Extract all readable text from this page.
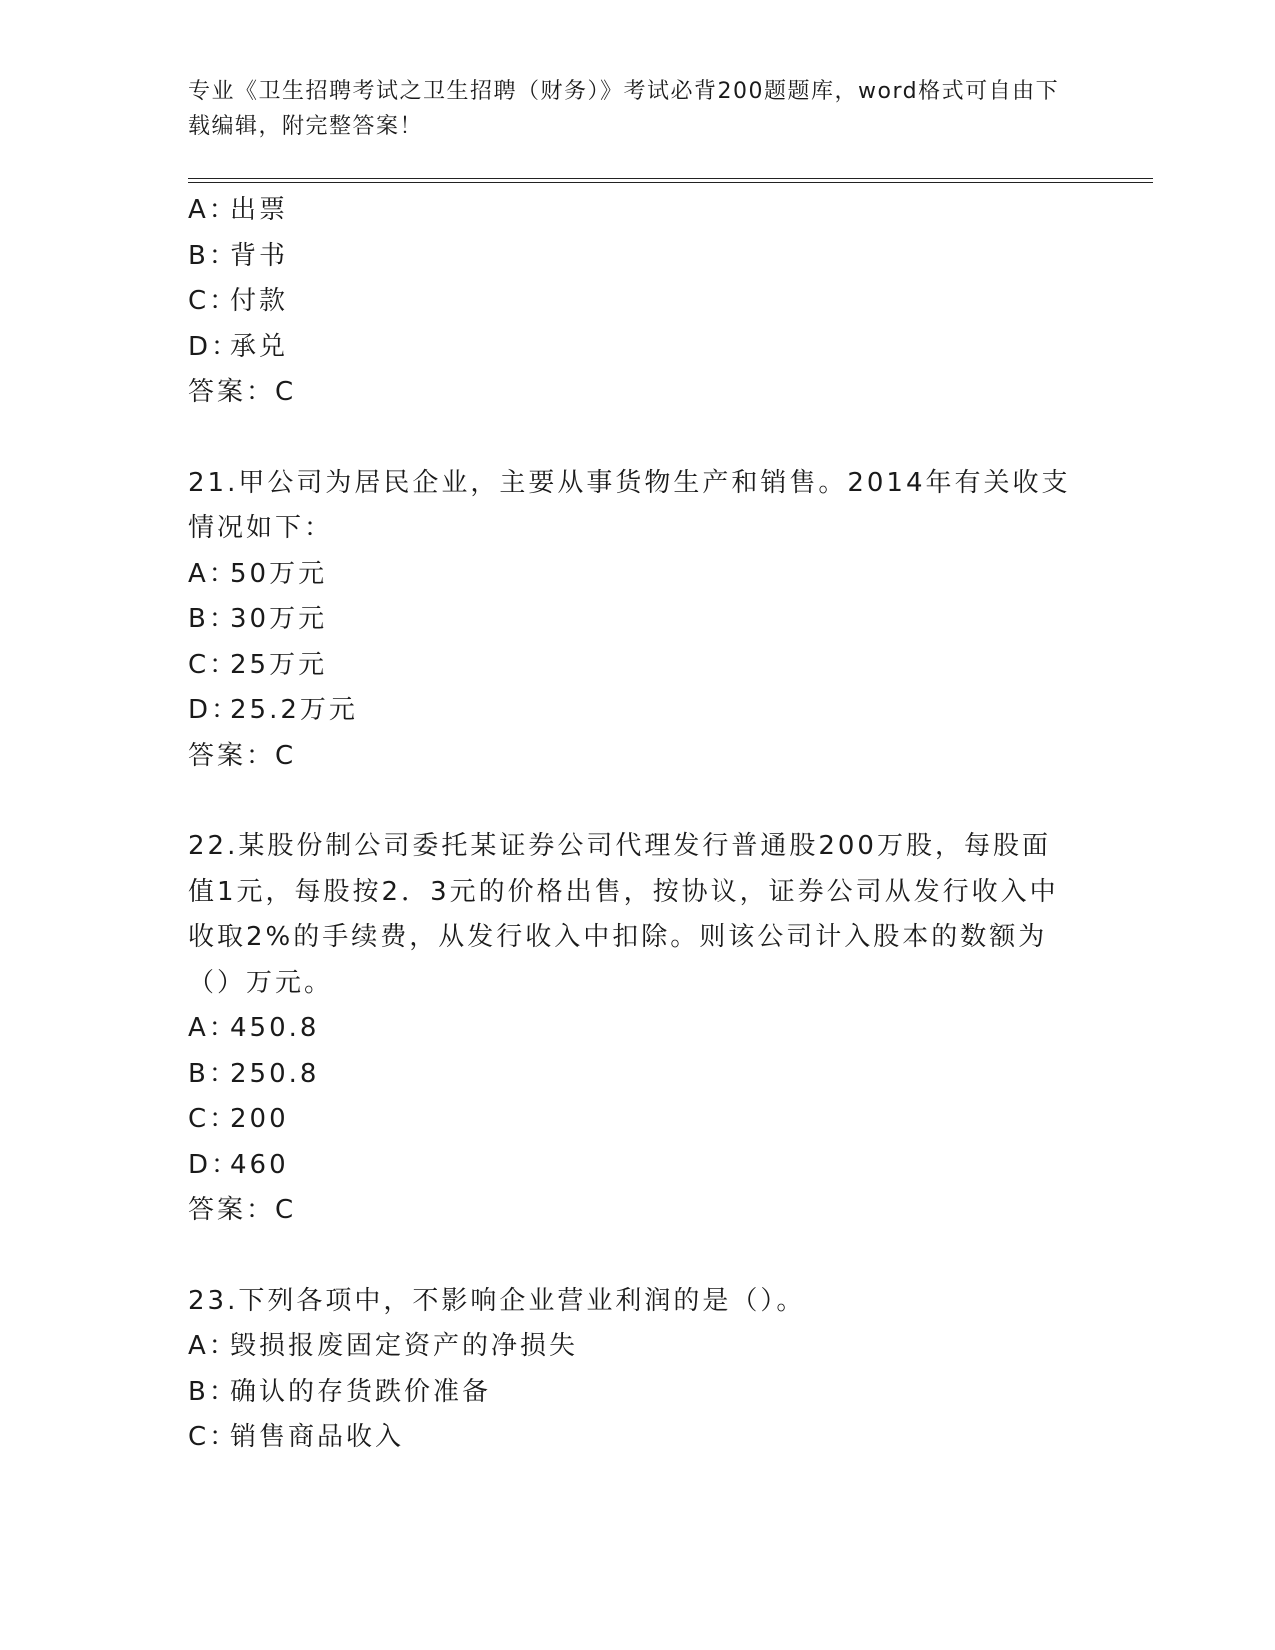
专业《卫生招聘考试之卫生招聘（财务）》考试必背200题题库，word格式可自由下载编辑，附完整答案！
A：出票
B：背书
C：付款
D：承兑
答案：C
21.甲公司为居民企业，主要从事货物生产和销售。2014年有关收支情况如下：
A：50万元
B：30万元
C：25万元
D：25.2万元
答案：C
22.某股份制公司委托某证券公司代理发行普通股200万股，每股面值1元，每股按2．3元的价格出售，按协议，证券公司从发行收入中收取2%的手续费，从发行收入中扣除。则该公司计入股本的数额为（）万元。
A：450.8
B：250.8
C：200
D：460
答案：C
23.下列各项中，不影响企业营业利润的是（）。
A：毁损报废固定资产的净损失
B：确认的存货跌价准备
C：销售商品收入
